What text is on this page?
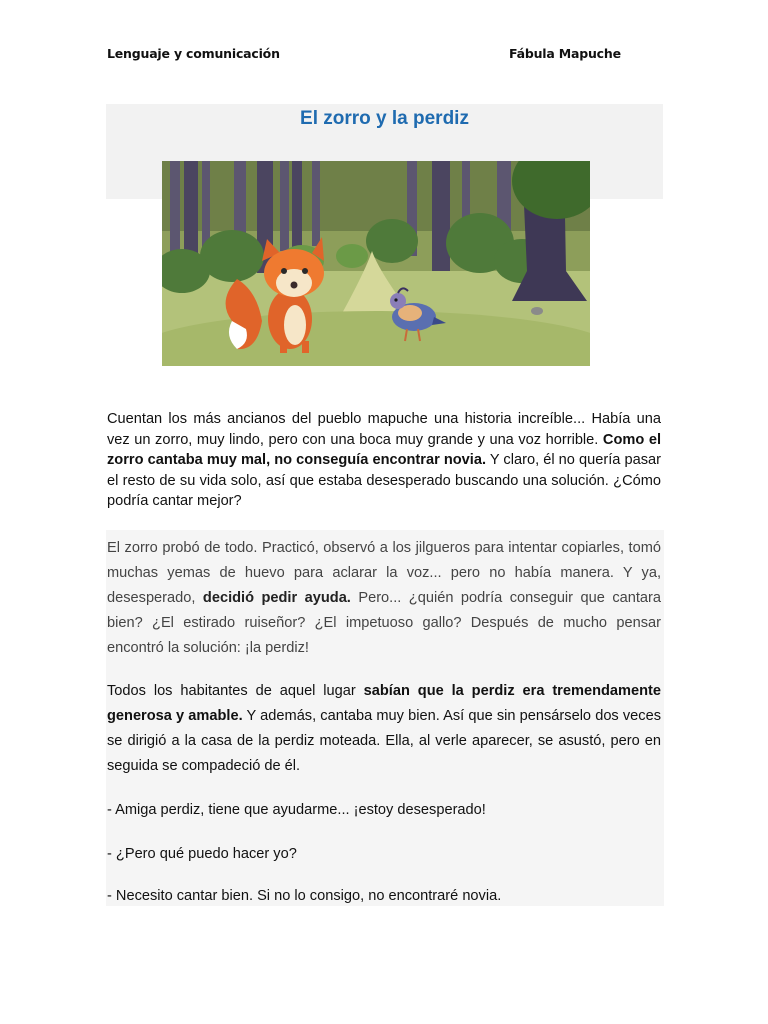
Lenguaje y comunicación	Fábula Mapuche
El zorro y la perdiz
Cuentan los más ancianos del pueblo mapuche una historia increíble... Había una vez un zorro, muy lindo, pero con una boca muy grande y una voz horrible. Como el zorro cantaba muy mal, no conseguía encontrar novia. Y claro, él no quería pasar el resto de su vida solo, así que estaba desesperado buscando una solución. ¿Cómo podría cantar mejor?
El zorro probó de todo. Practicó, observó a los jilgueros para intentar copiarles, tomó muchas yemas de huevo para aclarar la voz... pero no había manera. Y ya, desesperado, decidió pedir ayuda. Pero... ¿quién podría conseguir que cantara bien? ¿El estirado ruiseñor? ¿El impetuoso gallo? Después de mucho pensar encontró la solución: ¡la perdiz!
Todos los habitantes de aquel lugar sabían que la perdiz era tremendamente generosa y amable. Y además, cantaba muy bien. Así que sin pensárselo dos veces se dirigió a la casa de la perdiz moteada. Ella, al verle aparecer, se asustó, pero en seguida se compadeció de él.
- Amiga perdiz, tiene que ayudarme... ¡estoy desesperado!
- ¿Pero qué puedo hacer yo?
- Necesito cantar bien. Si no lo consigo, no encontraré novia.
